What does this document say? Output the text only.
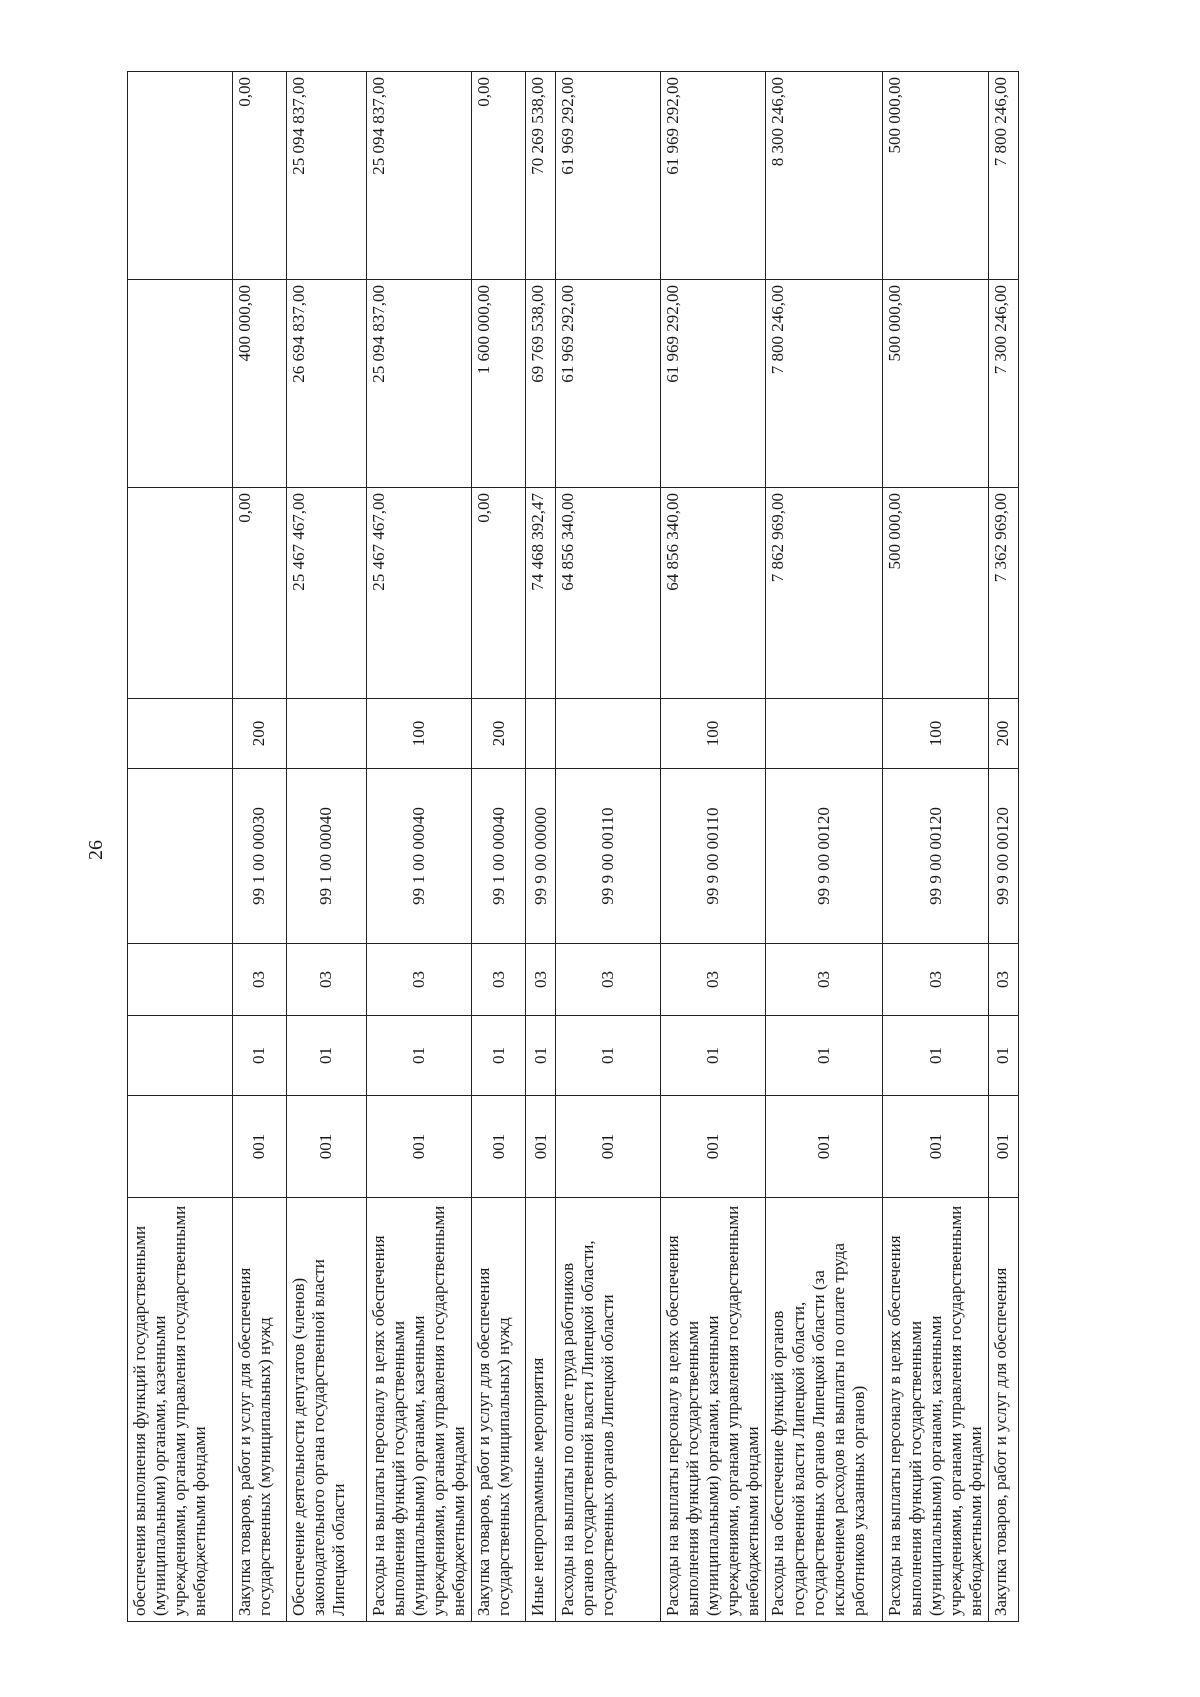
26
обеспечения выполнения функций государственными (муниципальными) органами, казенными учреждениями, органами управления государственными внебюджетными фондами								
Закупка товаров, работ и услуг для обеспечения государственных (муниципальных) нужд	001	01	03	99 1 00 00030	200	0,00	400 000,00	0,00
Обеспечение деятельности депутатов (членов) законодательного органа государственной власти Липецкой области	001	01	03	99 1 00 00040		25 467 467,00	26 694 837,00	25 094 837,00
Расходы на выплаты персоналу в целях обеспечения выполнения функций государственными (муниципальными) органами, казенными учреждениями, органами управления государственными внебюджетными фондами	001	01	03	99 1 00 00040	100	25 467 467,00	25 094 837,00	25 094 837,00
Закупка товаров, работ и услуг для обеспечения государственных (муниципальных) нужд	001	01	03	99 1 00 00040	200	0,00	1 600 000,00	0,00
Иные непрограммные мероприятия	001	01	03	99 9 00 00000		74 468 392,47	69 769 538,00	70 269 538,00
Расходы на выплаты по оплате труда работников органов государственной власти Липецкой области, государственных органов Липецкой области	001	01	03	99 9 00 00110		64 856 340,00	61 969 292,00	61 969 292,00
Расходы на выплаты персоналу в целях обеспечения выполнения функций государственными (муниципальными) органами, казенными учреждениями, органами управления государственными внебюджетными фондами	001	01	03	99 9 00 00110	100	64 856 340,00	61 969 292,00	61 969 292,00
Расходы на обеспечение функций органов государственной власти Липецкой области, государственных органов Липецкой области (за исключением расходов на выплаты по оплате труда работников указанных органов)	001	01	03	99 9 00 00120		7 862 969,00	7 800 246,00	8 300 246,00
Расходы на выплаты персоналу в целях обеспечения выполнения функций государственными (муниципальными) органами, казенными учреждениями, органами управления государственными внебюджетными фондами	001	01	03	99 9 00 00120	100	500 000,00	500 000,00	500 000,00
Закупка товаров, работ и услуг для обеспечения	001	01	03	99 9 00 00120	200	7 362 969,00	7 300 246,00	7 800 246,00
